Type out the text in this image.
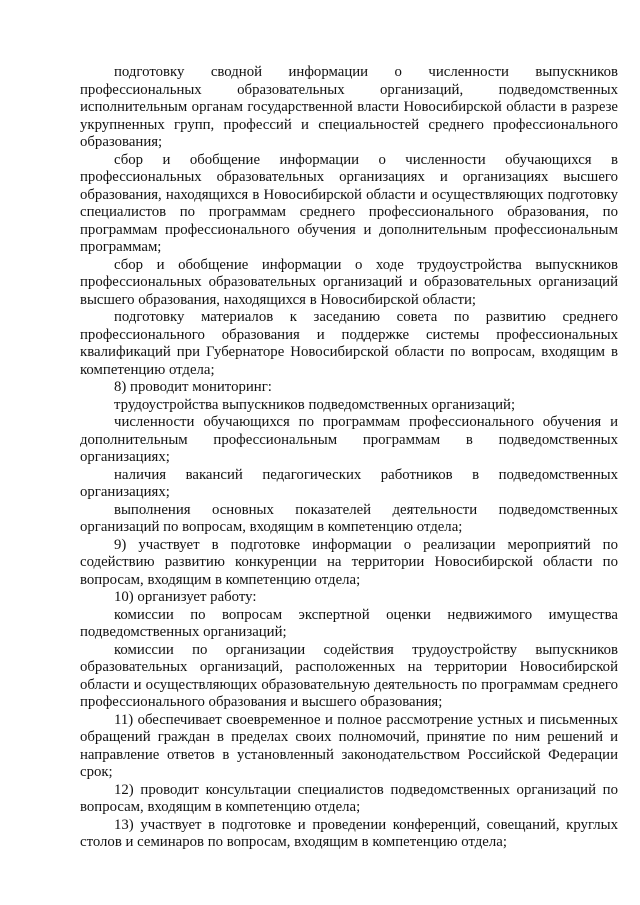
подготовку сводной информации о численности выпускников профессиональных образовательных организаций, подведомственных исполнительным органам государственной власти Новосибирской области в разрезе укрупненных групп, профессий и специальностей среднего профессионального образования;

сбор и обобщение информации о численности обучающихся в профессиональных образовательных организациях и организациях высшего образования, находящихся в Новосибирской области и осуществляющих подготовку специалистов по программам среднего профессионального образования, по программам профессионального обучения и дополнительным профессиональным программам;

сбор и обобщение информации о ходе трудоустройства выпускников профессиональных образовательных организаций и образовательных организаций высшего образования, находящихся в Новосибирской области;

подготовку материалов к заседанию совета по развитию среднего профессионального образования и поддержке системы профессиональных квалификаций при Губернаторе Новосибирской области по вопросам, входящим в компетенцию отдела;

8) проводит мониторинг:

трудоустройства выпускников подведомственных организаций;

численности обучающихся по программам профессионального обучения и дополнительным профессиональным программам в подведомственных организациях;

наличия вакансий педагогических работников в подведомственных организациях;

выполнения основных показателей деятельности подведомственных организаций по вопросам, входящим в компетенцию отдела;

9) участвует в подготовке информации о реализации мероприятий по содействию развитию конкуренции на территории Новосибирской области по вопросам, входящим в компетенцию отдела;

10) организует работу:

комиссии по вопросам экспертной оценки недвижимого имущества подведомственных организаций;

комиссии по организации содействия трудоустройству выпускников образовательных организаций, расположенных на территории Новосибирской области и осуществляющих образовательную деятельность по программам среднего профессионального образования и высшего образования;

11) обеспечивает своевременное и полное рассмотрение устных и письменных обращений граждан в пределах своих полномочий, принятие по ним решений и направление ответов в установленный законодательством Российской Федерации срок;

12) проводит консультации специалистов подведомственных организаций по вопросам, входящим в компетенцию отдела;

13) участвует в подготовке и проведении конференций, совещаний, круглых столов и семинаров по вопросам, входящим в компетенцию отдела;
